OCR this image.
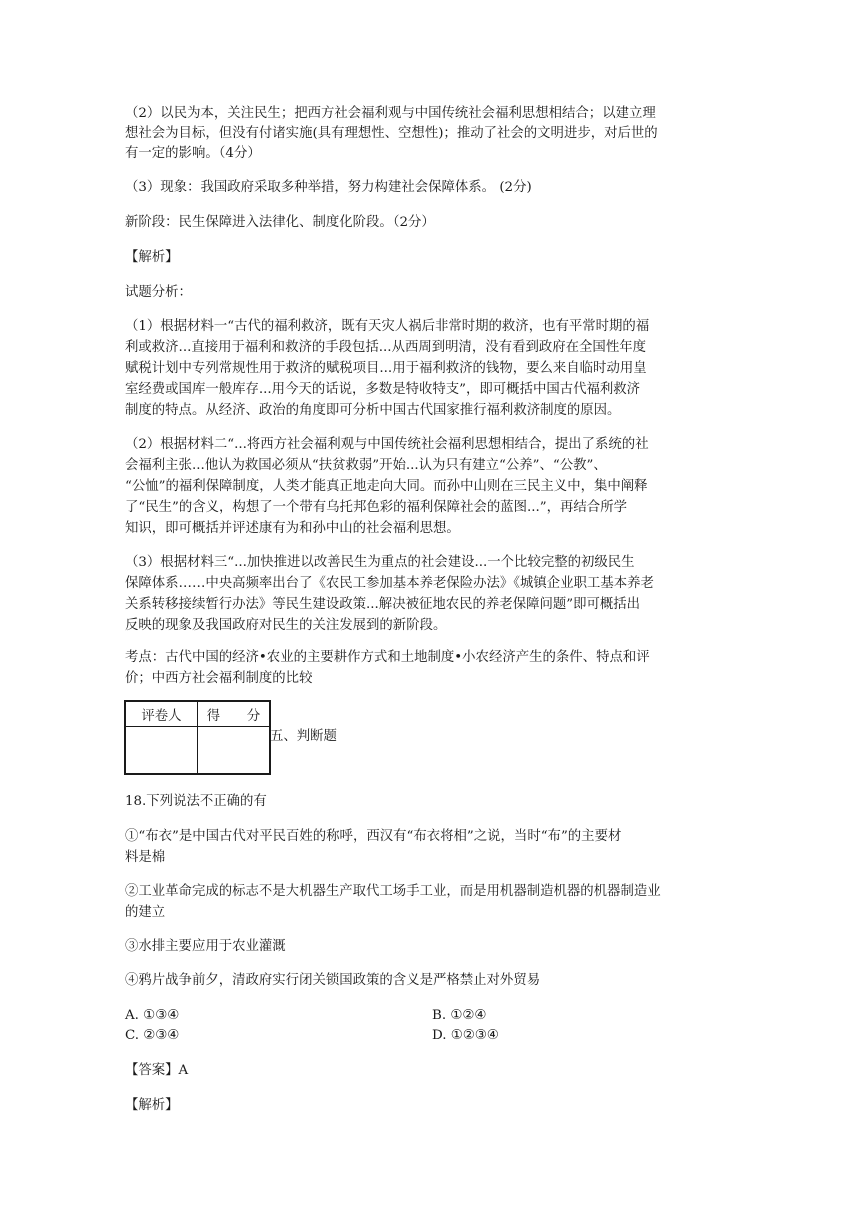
（2）以民为本，关注民生；把西方社会福利观与中国传统社会福利思想相结合；以建立理
想社会为目标，但没有付诸实施(具有理想性、空想性)；推动了社会的文明进步，对后世的
有一定的影响。（4分）
（3）现象：我国政府采取多种举措，努力构建社会保障体系。 (2分)
新阶段：民生保障进入法律化、制度化阶段。（2分）
【解析】
试题分析：
（1）根据材料一“古代的福利救济，既有天灾人祸后非常时期的救济，也有平常时期的福
利或救济...直接用于福利和救济的手段包括...从西周到明清，没有看到政府在全国性年度
赋税计划中专列常规性用于救济的赋税项目...用于福利救济的钱物，要么来自临时动用皇
室经费或国库一般库存...用今天的话说，多数是特收特支”，即可概括中国古代福利救济
制度的特点。从经济、政治的角度即可分析中国古代国家推行福利救济制度的原因。
（2）根据材料二“...将西方社会福利观与中国传统社会福利思想相结合，提出了系统的社
会福利主张...他认为救国必须从“扶贫救弱”开始...认为只有建立“公养”、“公教”、
“公恤”的福利保障制度，人类才能真正地走向大同。而孙中山则在三民主义中，集中阐释
了“民生”的含义，构想了一个带有乌托邦色彩的福利保障社会的蓝图...”，再结合所学
知识，即可概括并评述康有为和孙中山的社会福利思想。
（3）根据材料三“...加快推进以改善民生为重点的社会建设...一个比较完整的初级民生
保障体系……中央高频率出台了《农民工参加基本养老保险办法》《城镇企业职工基本养老
关系转移接续暂行办法》等民生建设政策...解决被征地农民的养老保障问题”即可概括出
反映的现象及我国政府对民生的关注发展到的新阶段。
考点：古代中国的经济•农业的主要耕作方式和土地制度•小农经济产生的条件、特点和评
价；中西方社会福利制度的比较
评卷人	得　　分

五、判断题
18.下列说法不正确的有
①“布衣”是中国古代对平民百姓的称呼，西汉有“布衣将相”之说，当时“布”的主要材
料是棉
②工业革命完成的标志不是大机器生产取代工场手工业，而是用机器制造机器的机器制造业
的建立
③水排主要应用于农业灌溉
④鸦片战争前夕，清政府实行闭关锁国政策的含义是严格禁止对外贸易
A. ①③④	B. ①②④
C. ②③④	D. ①②③④
【答案】A
【解析】
